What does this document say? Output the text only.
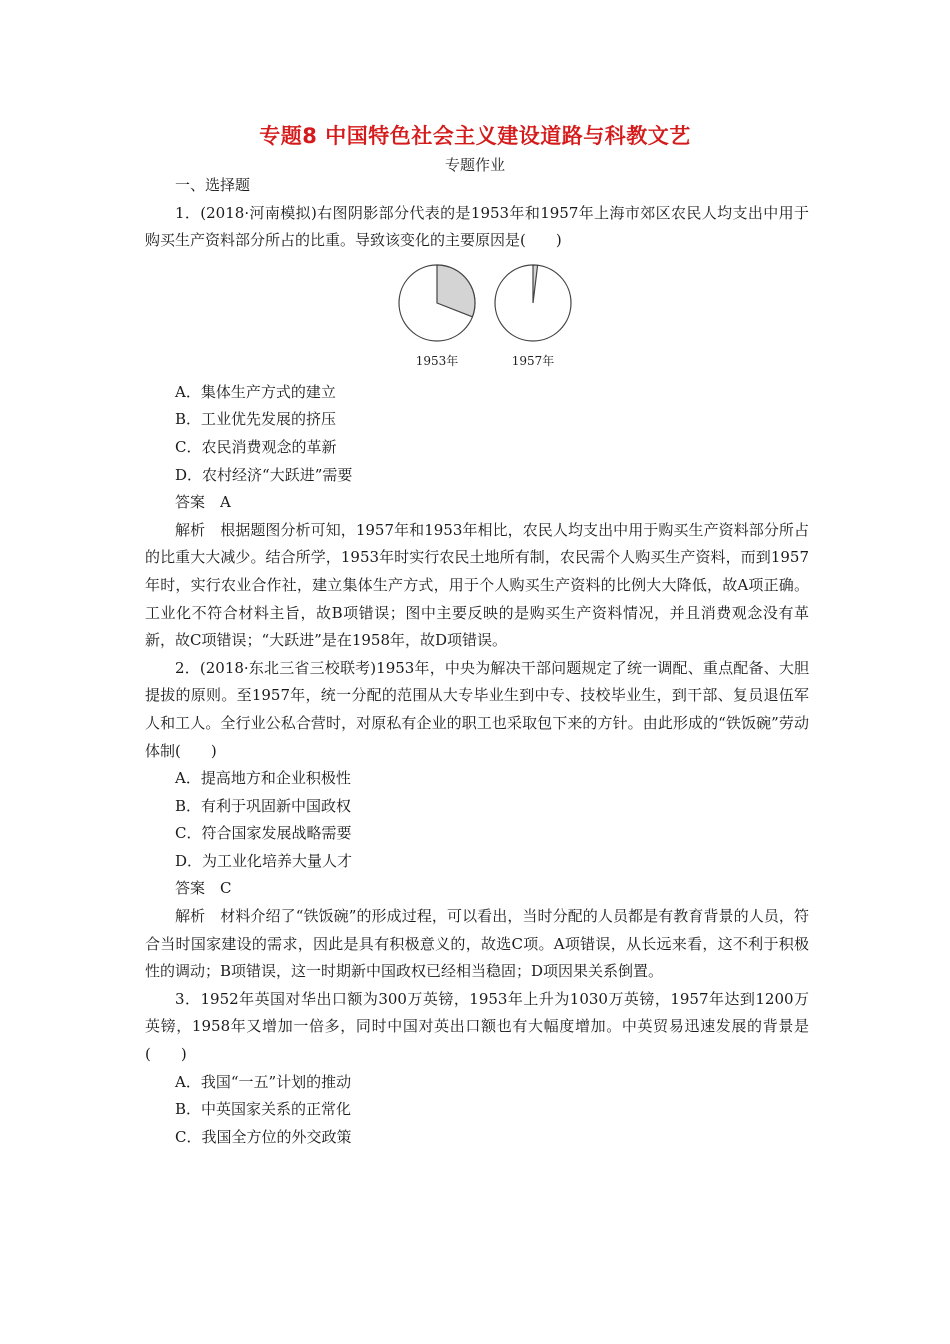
专题8 中国特色社会主义建设道路与科教文艺
专题作业

一、选择题

1．(2018·河南模拟)右图阴影部分代表的是1953年和1957年上海市郊区农民人均支出中用于购买生产资料部分所占的比重。导致该变化的主要原因是(　　)

1953年	1957年

A．集体生产方式的建立

B．工业优先发展的挤压

C．农民消费观念的革新

D．农村经济“大跃进”需要

答案　A

解析　根据题图分析可知，1957年和1953年相比，农民人均支出中用于购买生产资料部分所占的比重大大减少。结合所学，1953年时实行农民土地所有制，农民需个人购买生产资料，而到1957年时，实行农业合作社，建立集体生产方式，用于个人购买生产资料的比例大大降低，故A项正确。工业化不符合材料主旨，故B项错误；图中主要反映的是购买生产资料情况，并且消费观念没有革新，故C项错误；“大跃进”是在1958年，故D项错误。

2．(2018·东北三省三校联考)1953年，中央为解决干部问题规定了统一调配、重点配备、大胆提拔的原则。至1957年，统一分配的范围从大专毕业生到中专、技校毕业生，到干部、复员退伍军人和工人。全行业公私合营时，对原私有企业的职工也采取包下来的方针。由此形成的“铁饭碗”劳动体制(　　)

A．提高地方和企业积极性

B．有利于巩固新中国政权

C．符合国家发展战略需要

D．为工业化培养大量人才

答案　C

解析　材料介绍了“铁饭碗”的形成过程，可以看出，当时分配的人员都是有教育背景的人员，符合当时国家建设的需求，因此是具有积极意义的，故选C项。A项错误，从长远来看，这不利于积极性的调动；B项错误，这一时期新中国政权已经相当稳固；D项因果关系倒置。

3．1952年英国对华出口额为300万英镑，1953年上升为1030万英镑，1957年达到1200万英镑，1958年又增加一倍多，同时中国对英出口额也有大幅度增加。中英贸易迅速发展的背景是(　　)

A．我国“一五”计划的推动

B．中英国家关系的正常化

C．我国全方位的外交政策
